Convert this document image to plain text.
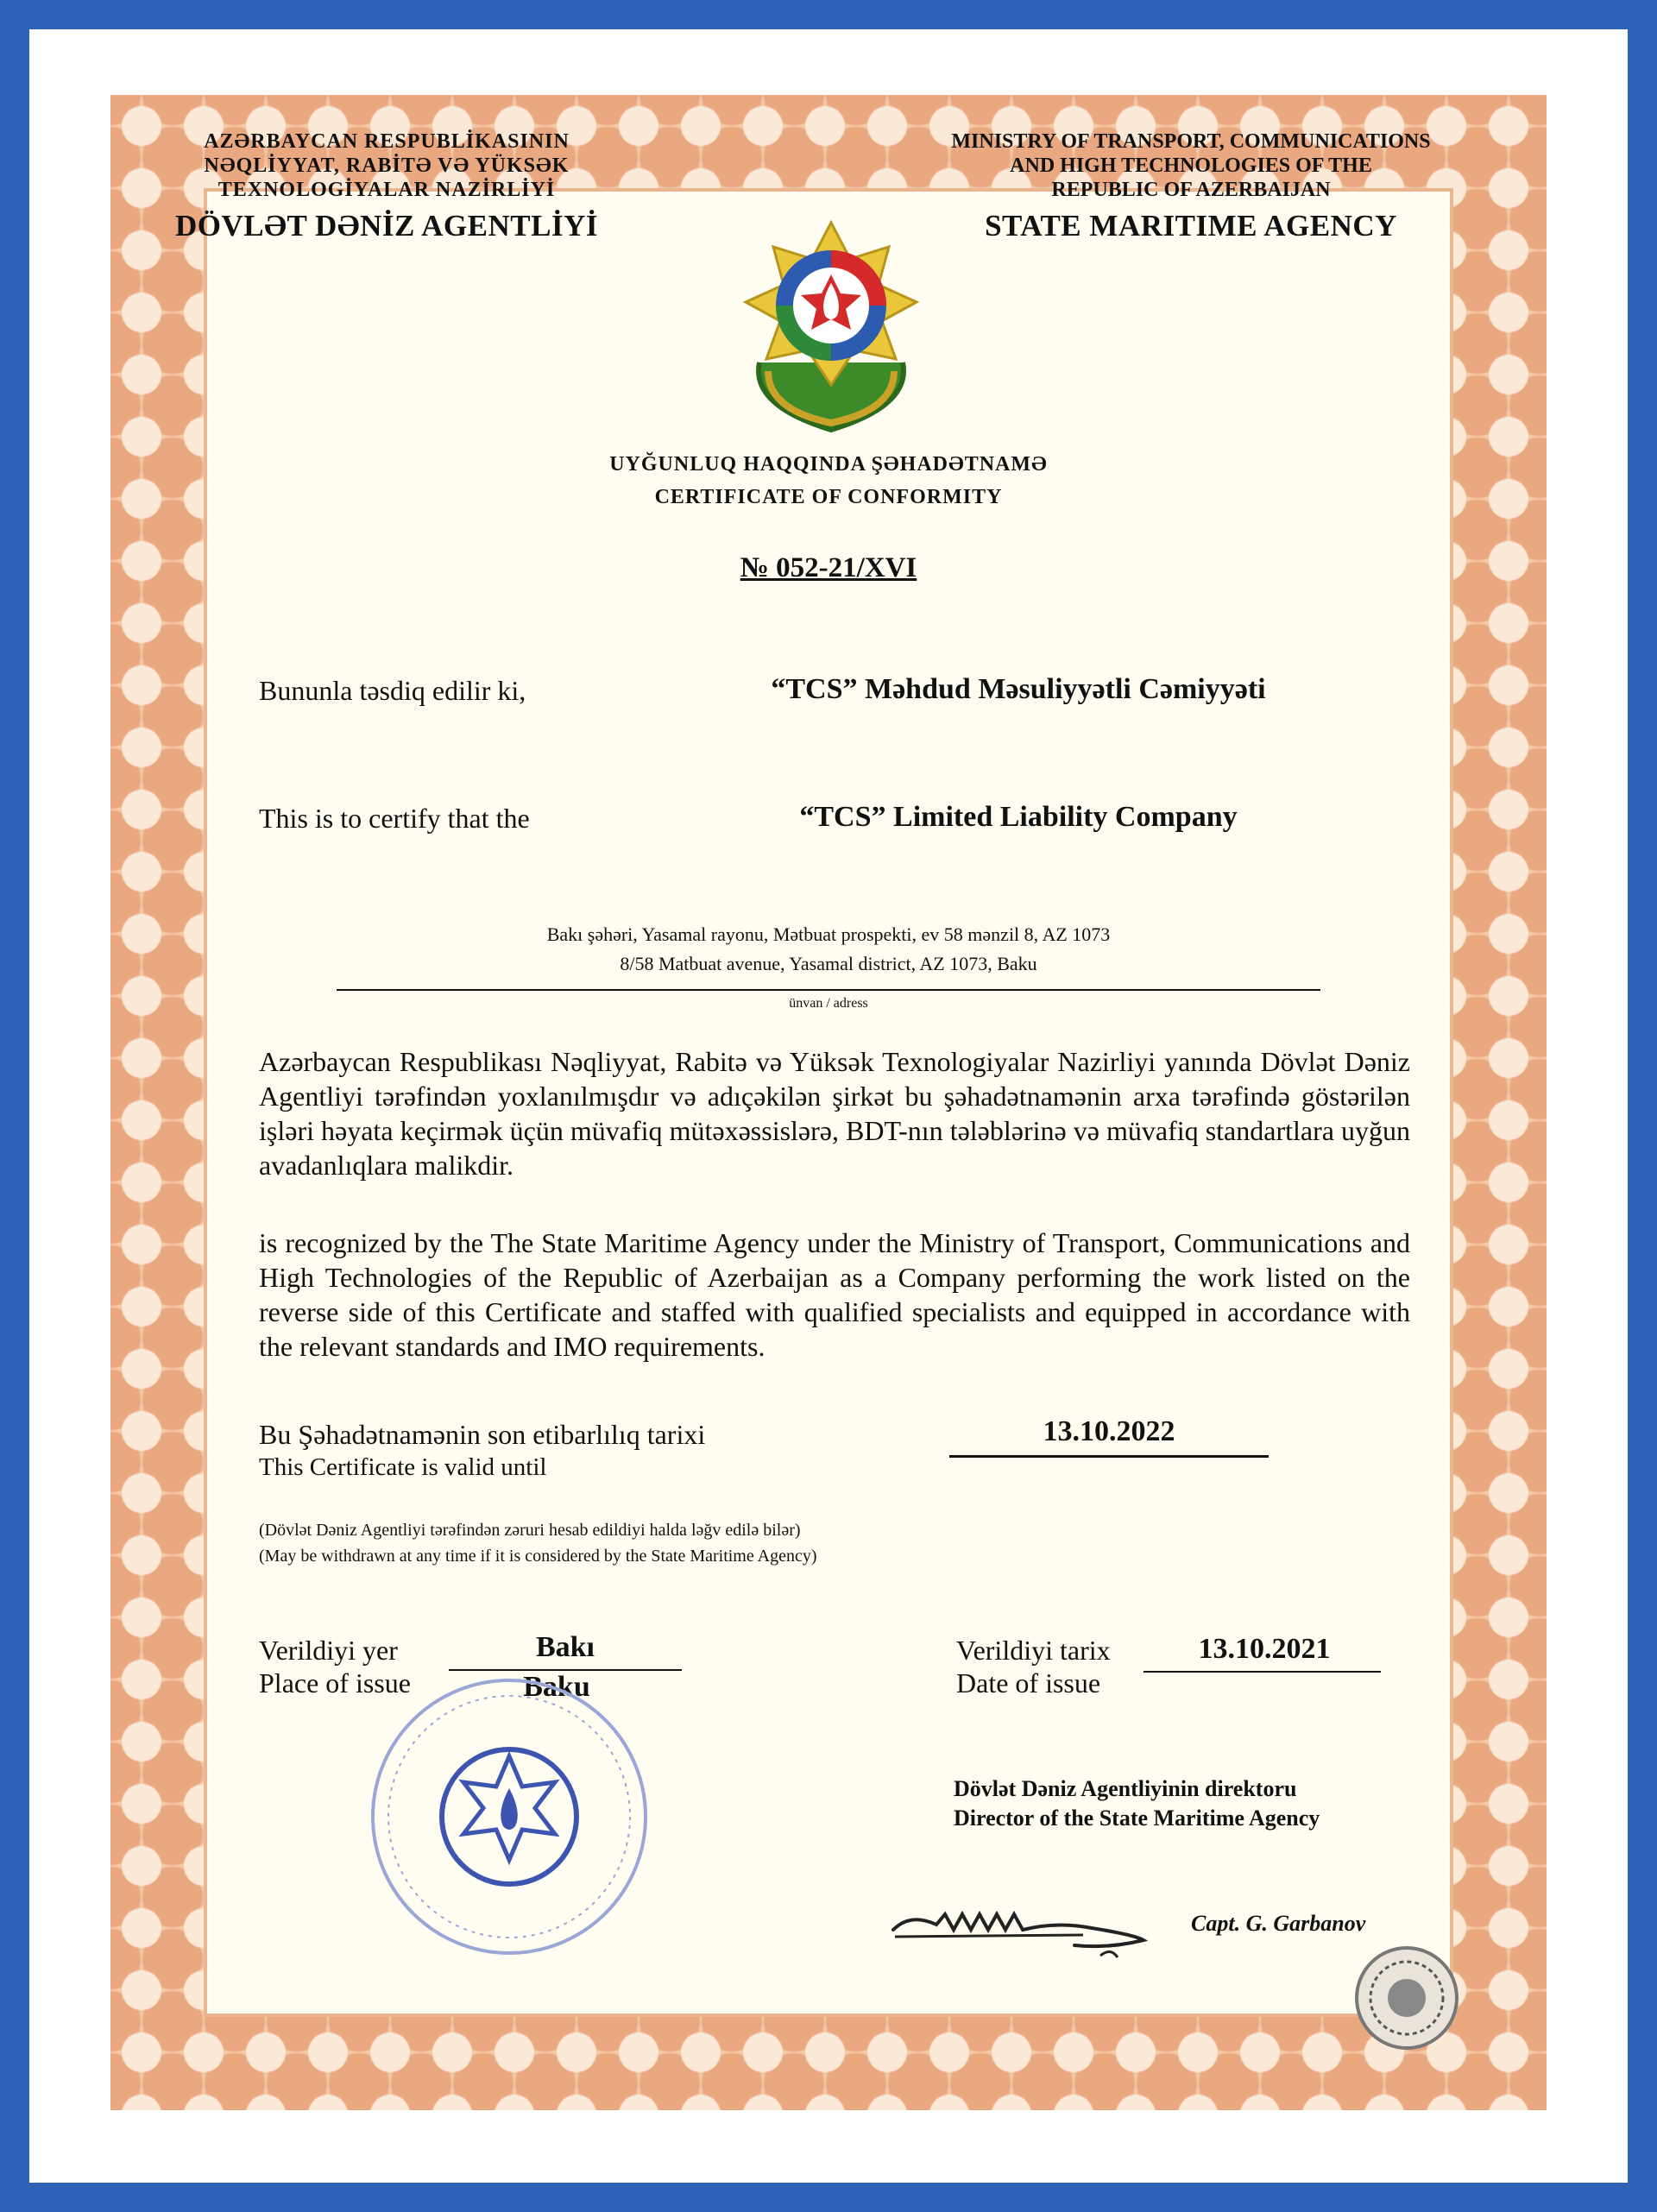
AZƏRBAYCAN RESPUBLİKASININ
NƏQLİYYAT, RABİTƏ VƏ YÜKSƏK
TEXNOLOGİYALAR NAZİRLİYİ
DÖVLƏT DƏNİZ AGENTLİYİ
MINISTRY OF TRANSPORT, COMMUNICATIONS
AND HIGH TECHNOLOGIES OF THE
REPUBLIC OF AZERBAIJAN
STATE MARITIME AGENCY
UYĞUNLUQ HAQQINDA ŞƏHADƏTNAMƏ
CERTIFICATE OF CONFORMITY
№ 052-21/XVI
Bununla təsdiq edilir ki,	“TCS” Məhdud Məsuliyyətli Cəmiyyəti
This is to certify that the	“TCS” Limited Liability Company
Bakı şəhəri, Yasamal rayonu, Mətbuat prospekti, ev 58 mənzil 8, AZ 1073
8/58 Matbuat avenue, Yasamal district, AZ 1073, Baku
ünvan / adress
Azərbaycan Respublikası Nəqliyyat, Rabitə və Yüksək Texnologiyalar Nazirliyi yanında Dövlət Dəniz Agentliyi tərəfindən yoxlanılmışdır və adıçəkilən şirkət bu şəhadətnamənin arxa tərəfində göstərilən işləri həyata keçirmək üçün müvafiq mütəxəssislərə, BDT-nın tələblərinə və müvafiq standartlara uyğun avadanlıqlara malikdir.
is recognized by the The State Maritime Agency under the Ministry of Transport, Communications and High Technologies of the Republic of Azerbaijan as a Company performing the work listed on the reverse side of this Certificate and staffed with qualified specialists and equipped in accordance with the relevant standards and IMO requirements.
Bu Şəhadətnamənin son etibarlılıq tarixi
This Certificate is valid until
13.10.2022
(Dövlət Dəniz Agentliyi tərəfindən zəruri hesab edildiyi halda ləğv edilə bilər)
(May be withdrawn at any time if it is considered by the State Maritime Agency)
Verildiyi yer
Place of issue
Bakı
Baku
Verildiyi tarix
Date of issue
13.10.2021
Dövlət Dəniz Agentliyinin direktoru
Director of the State Maritime Agency
Capt. G. Garbanov
